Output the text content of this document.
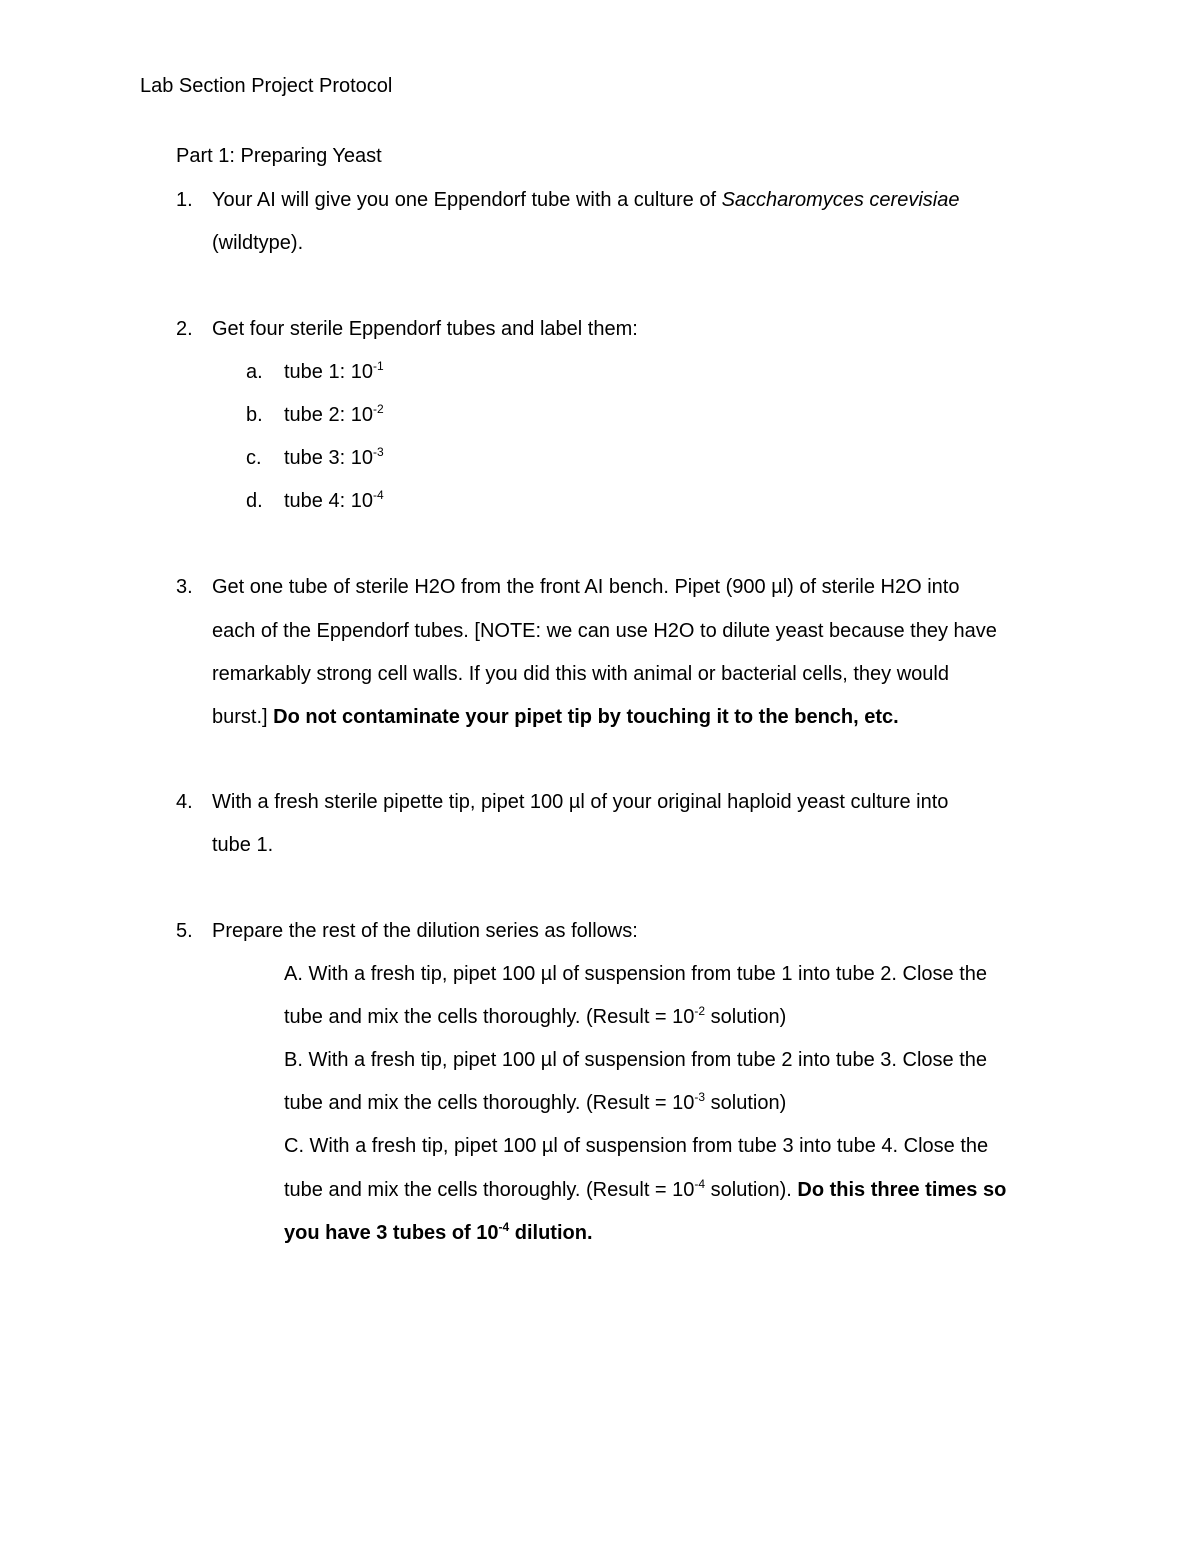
Lab Section Project Protocol
Part 1: Preparing Yeast
1. Your AI will give you one Eppendorf tube with a culture of Saccharomyces cerevisiae
(wildtype).
2. Get four sterile Eppendorf tubes and label them:
a. tube 1: $10^{-1}$
b. tube 2: $10^{-2}$
c. tube 3: $10^{-3}$
d. tube 4: $10^{-4}$
3. Get one tube of sterile H2O from the front AI bench. Pipet (900 µl) of sterile H2O into
each of the Eppendorf tubes. [NOTE: we can use H2O to dilute yeast because they have
remarkably strong cell walls. If you did this with animal or bacterial cells, they would
burst.] Do not contaminate your pipet tip by touching it to the bench, etc.
4. With a fresh sterile pipette tip, pipet 100 µl of your original haploid yeast culture into
tube 1.
5. Prepare the rest of the dilution series as follows:
A. With a fresh tip, pipet 100 µl of suspension from tube 1 into tube 2. Close the
tube and mix the cells thoroughly. (Result = $10^{-2}$ solution)
B. With a fresh tip, pipet 100 µl of suspension from tube 2 into tube 3. Close the
tube and mix the cells thoroughly. (Result = $10^{-3}$ solution)
C. With a fresh tip, pipet 100 µl of suspension from tube 3 into tube 4. Close the
tube and mix the cells thoroughly. (Result = $10^{-4}$ solution). Do this three times so
you have 3 tubes of $10^{-4}$ dilution.
